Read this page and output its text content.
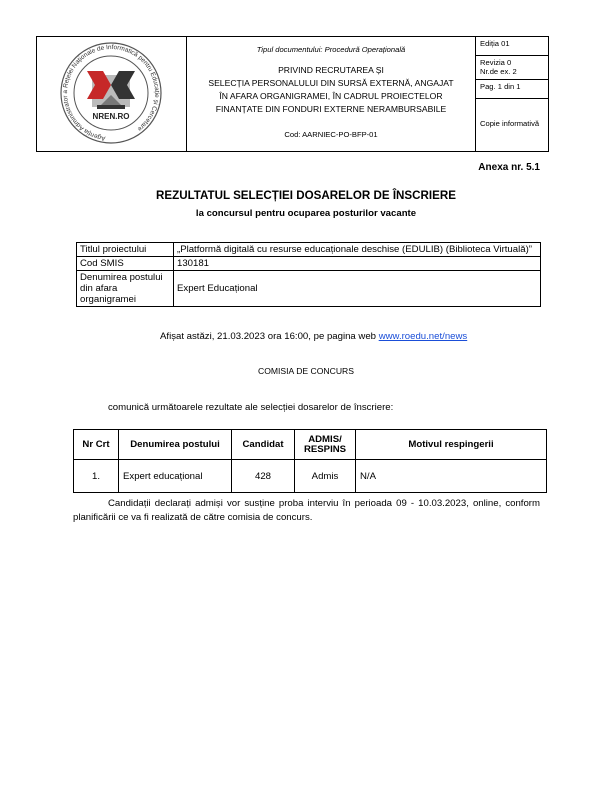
Agenția Administrator a Rețelei Naționale de Informatică pentru Educație și Cercetare
NREN.RO
Tipul documentului: Procedură Operațională
PRIVIND RECRUTAREA ȘI
SELECȚIA PERSONALULUI DIN SURSĂ EXTERNĂ, ANGAJAT
ÎN AFARA ORGANIGRAMEI, ÎN CADRUL PROIECTELOR
FINANȚATE DIN FONDURI EXTERNE NERAMBURSABILE
Cod: AARNIEC-PO-BFP-01
Ediția 01
Revizia 0
Nr.de ex. 2
Pag. 1 din 1
Copie informativă
Anexa nr. 5.1
REZULTATUL SELECȚIEI DOSARELOR DE ÎNSCRIERE
la concursul pentru ocuparea posturilor vacante
Titlul proiectului	„Platformă digitală cu resurse educaționale deschise (EDULIB) (Biblioteca Virtuală)”
Cod SMIS	130181
Denumirea postului din afara organigramei	Expert Educațional
Afișat astăzi, 21.03.2023 ora 16:00, pe pagina web www.roedu.net/news
COMISIA DE CONCURS
comunică următoarele rezultate ale selecției dosarelor de înscriere:
Nr Crt	Denumirea postului	Candidat	ADMIS/ RESPINS	Motivul respingerii
1.	Expert educațional	428	Admis	N/A
Candidații declarați admiși vor susține proba interviu în perioada 09 - 10.03.2023, online, conform planificării ce va fi realizată de către comisia de concurs.
